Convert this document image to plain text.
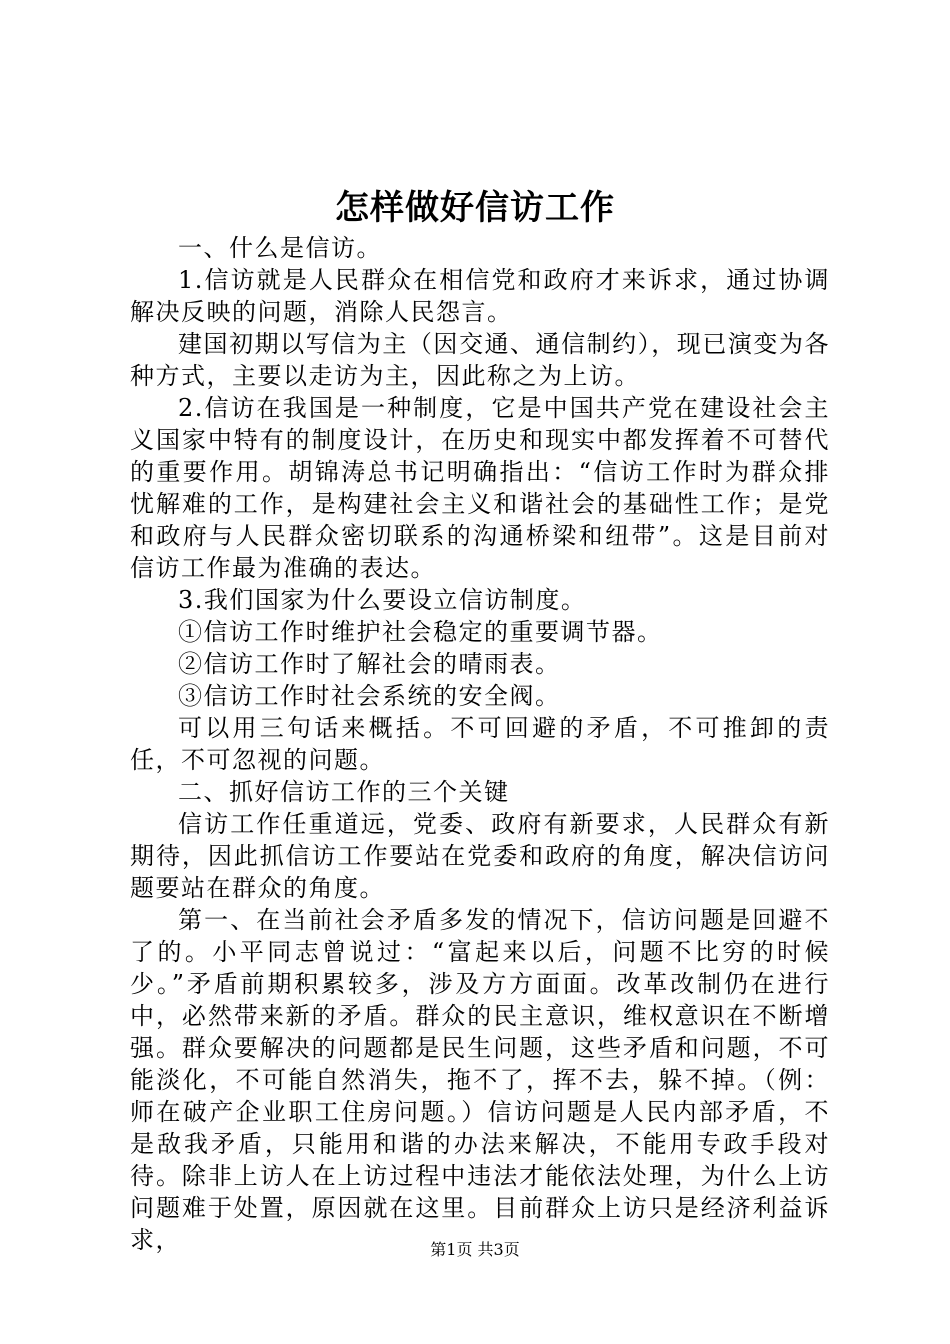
怎样做好信访工作

一、什么是信访。

1.信访就是人民群众在相信党和政府才来诉求，通过协调解决反映的问题，消除人民怨言。

建国初期以写信为主（因交通、通信制约），现已演变为各种方式，主要以走访为主，因此称之为上访。

2.信访在我国是一种制度，它是中国共产党在建设社会主义国家中特有的制度设计，在历史和现实中都发挥着不可替代的重要作用。胡锦涛总书记明确指出：“信访工作时为群众排忧解难的工作，是构建社会主义和谐社会的基础性工作；是党和政府与人民群众密切联系的沟通桥梁和纽带”。这是目前对信访工作最为准确的表达。

3.我们国家为什么要设立信访制度。

①信访工作时维护社会稳定的重要调节器。

②信访工作时了解社会的晴雨表。

③信访工作时社会系统的安全阀。

可以用三句话来概括。不可回避的矛盾，不可推卸的责任，不可忽视的问题。

二、抓好信访工作的三个关键

信访工作任重道远，党委、政府有新要求，人民群众有新期待，因此抓信访工作要站在党委和政府的角度，解决信访问题要站在群众的角度。

第一、在当前社会矛盾多发的情况下，信访问题是回避不了的。小平同志曾说过：“富起来以后，问题不比穷的时候少。”矛盾前期积累较多，涉及方方面面。改革改制仍在进行中，必然带来新的矛盾。群众的民主意识，维权意识在不断增强。群众要解决的问题都是民生问题，这些矛盾和问题，不可能淡化，不可能自然消失，拖不了，挥不去，躲不掉。（例：师在破产企业职工住房问题。）信访问题是人民内部矛盾，不是敌我矛盾，只能用和谐的办法来解决，不能用专政手段对待。除非上访人在上访过程中违法才能依法处理，为什么上访问题难于处置，原因就在这里。目前群众上访只是经济利益诉求，	第1页 共3页
